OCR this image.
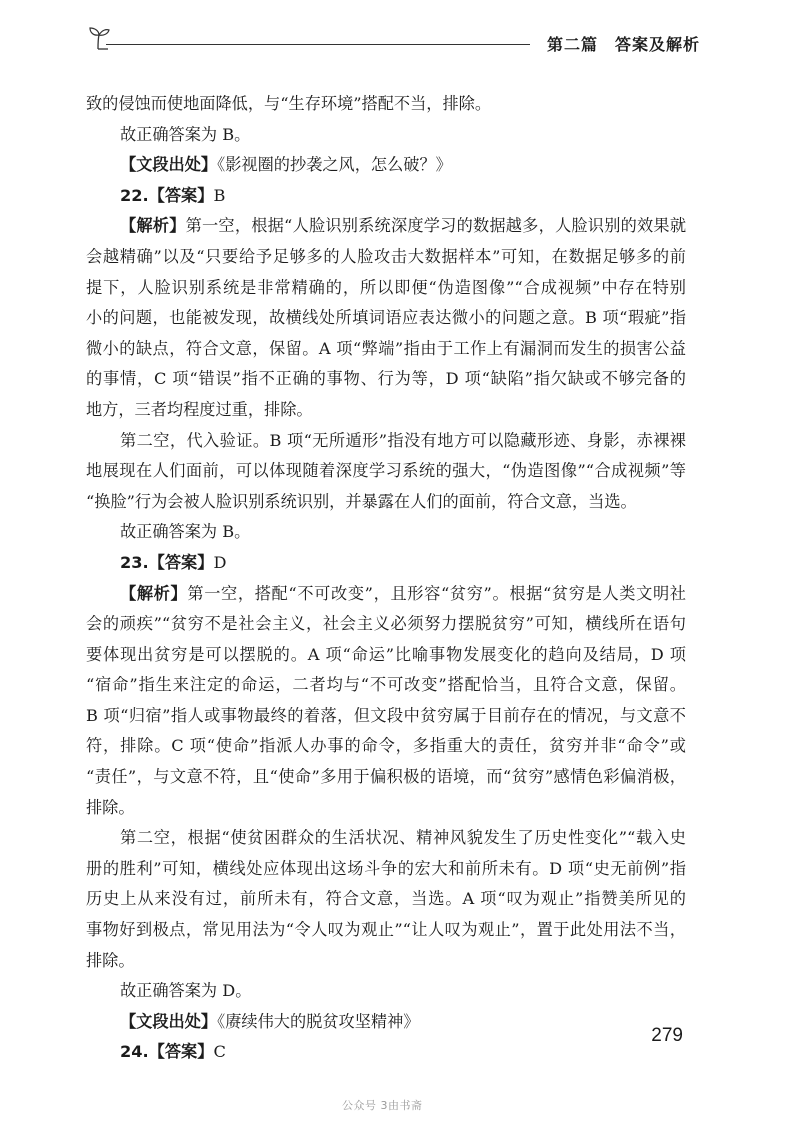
第二篇　答案及解析
致的侵蚀而使地面降低，与“生存环境”搭配不当，排除。
故正确答案为 B。
【文段出处】《影视圈的抄袭之风，怎么破？》
22.【答案】B
【解析】第一空，根据“人脸识别系统深度学习的数据越多，人脸识别的效果就
会越精确”以及“只要给予足够多的人脸攻击大数据样本”可知，在数据足够多的前
提下，人脸识别系统是非常精确的，所以即便“伪造图像”“合成视频”中存在特别
小的问题，也能被发现，故横线处所填词语应表达微小的问题之意。B 项“瑕疵”指
微小的缺点，符合文意，保留。A 项“弊端”指由于工作上有漏洞而发生的损害公益
的事情，C 项“错误”指不正确的事物、行为等，D 项“缺陷”指欠缺或不够完备的
地方，三者均程度过重，排除。
第二空，代入验证。B 项“无所遁形”指没有地方可以隐藏形迹、身影，赤裸裸
地展现在人们面前，可以体现随着深度学习系统的强大，“伪造图像”“合成视频”等
“换脸”行为会被人脸识别系统识别，并暴露在人们的面前，符合文意，当选。
故正确答案为 B。
23.【答案】D
【解析】第一空，搭配“不可改变”，且形容“贫穷”。根据“贫穷是人类文明社
会的顽疾”“贫穷不是社会主义，社会主义必须努力摆脱贫穷”可知，横线所在语句
要体现出贫穷是可以摆脱的。A 项“命运”比喻事物发展变化的趋向及结局，D 项
“宿命”指生来注定的命运，二者均与“不可改变”搭配恰当，且符合文意，保留。
B 项“归宿”指人或事物最终的着落，但文段中贫穷属于目前存在的情况，与文意不
符，排除。C 项“使命”指派人办事的命令，多指重大的责任，贫穷并非“命令”或
“责任”，与文意不符，且“使命”多用于偏积极的语境，而“贫穷”感情色彩偏消极，
排除。
第二空，根据“使贫困群众的生活状况、精神风貌发生了历史性变化”“载入史
册的胜利”可知，横线处应体现出这场斗争的宏大和前所未有。D 项“史无前例”指
历史上从来没有过，前所未有，符合文意，当选。A 项“叹为观止”指赞美所见的
事物好到极点，常见用法为“令人叹为观止”“让人叹为观止”，置于此处用法不当，
排除。
故正确答案为 D。
【文段出处】《赓续伟大的脱贫攻坚精神》
24.【答案】C
279
公众号 3由书斋
